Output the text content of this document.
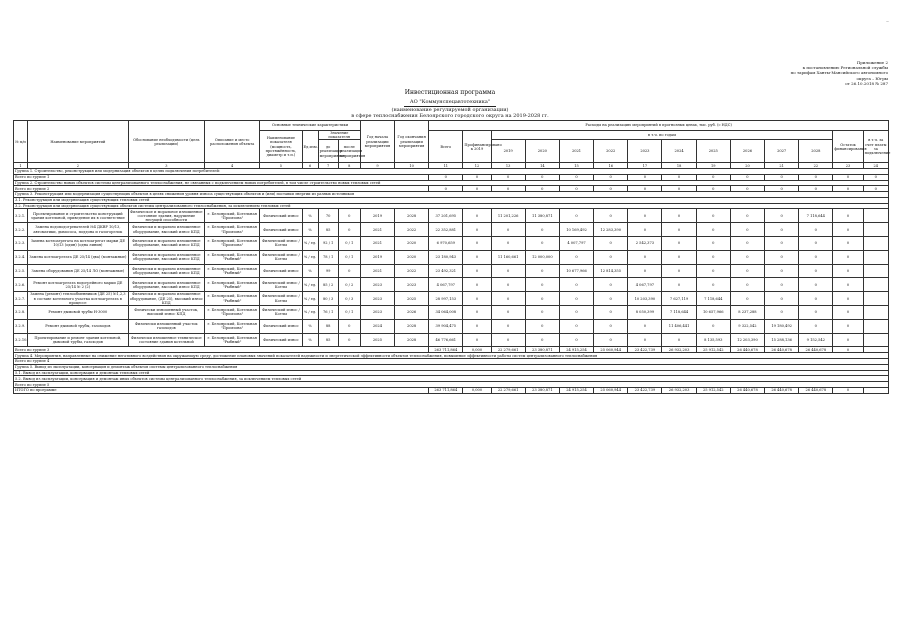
Приложение 2
к постановлению Региональной службы
по тарифам Ханты-Мансийского автономного
округа – Югры
от 26.10.2018 № 287
Инвестиционная программа
АО "Коммунспецавтотехника"
(наименование регулируемой организации)
в сфере теплоснабжения Белоярского городского округа на 2019-2028 гг.
№ п/п	Наименование мероприятий	Обоснование необходимости (цель реализации)	Описание и место расположения объекта	Основные технические характеристики				Год начала реализации мероприятия	Год окончания реализации мероприятия	Расходы на реализацию мероприятий в прогнозных ценах, тыс. руб. (с НДС)													
				Наименование показателя (мощность, протяжённость, диаметр и т.п.)	Ед.изм.	Значение показателя				Всего	Профинансировано к 2019	в т.ч. по годам										Остаток финансирования	в т.ч. за счет платы за подключение
						до реализации мероприятия	после реализации мероприятия					2019	2020	2021	2022	2023	2024	2025	2026	2027	2028		

1	2	3	4	5	6	7	8	9	10	11	12	13	14	15	16	17	18	19	20	21	22	23	24
Группа 1. Строительство, реконструкция или модернизация объектов в целях подключения потребителей:																							
Всего по группе 1										0	0	0	0	0	0	0	0	0	0	0	0	0	0
Группа 2. Строительство новых объектов системы централизованного теплоснабжения, не связанных с подключением новых потребителей, в том числе строительство новых тепловых сетей																							
Всего по группе 2										0	0	0	0	0	0	0	0	0	0	0	0	0	0
Группа 3. Реконструкция или модернизация существующих объектов в целях снижения уровня износа существующих объектов и (или) поставки энергии из разных источников																							
3.1. Реконструкция или модернизация существующих тепловых сетей																							
3.2. Реконструкция или модернизация существующих объектов системы централизованного теплоснабжения, за исключением тепловых сетей																							
3.2.1.	Проектирование и строительство конструкций здания котельной, приведение их в соответствие	Физическое и моральное изношенное состояние здания, нарушение несущей способности	г. Белоярский, Котельная "Промзона"	Физический износ	%	70	0	2019	2028	37 201,695	0	11 201,226	11 380,871	0	0	0	0	0	0	0	7 118,644	0	
3.2.2.	Замена водоподогревателей №4 ДКВР 10/13, автоматики, дымососа, поддона и газогорелок	Физически и морально изношенное оборудование, высокий износ КПД	г. Белоярский, Котельная "Промзона"	Физический износ	%	85	0	2021	2022	22 352,881	0	0	0	10 169,492	12 283,390	0	0	0	0	0	0	0	
3.2.3.	Замена котлоагрегата на котлоагрегат марки ДЕ 10/13 (один) (одна линия)	Физически и морально изношенное оборудование, высокий износ КПД	г. Белоярский, Котельная "Промзона"	Физический износ / Котлы	% / ед.	92 / 1	0 / 1	2021	2020	6 970,659	0	0	0	4 007,797	0	2 542,373	0	0	0	0	0	0	
3.2.4.	Замена котлоагрегата ДЕ 25/14 (два) (монтажные)	Физически и морально изношенное оборудование, высокий износ КПД	г. Белоярский, Котельная "Рыбный"	Физический износ / Котлы	% / ед.	78 / 1	0 / 1	2019	2020	23 180,943	0	11 160,661	12 000,000	0	0	0	0	0	0	0	0	0	
3.2.5.	Замена оборудования ДЕ 25/14 ЛО (монтажные)	Физически и морально изношенное оборудование, высокий износ КПД	г. Белоярский, Котельная "Рыбный"	Физический износ	%	99	0	2021	2022	23 492,321	0	0	0	10 677,966	12 814,355	0	0	0	0	0	0	0	
3.2.6.	Ремонт котлоагрегата водогрейного марки ДЕ 25/14 № 2 (2)	Физически и морально изношенное оборудование, высокий износ КПД	г. Белоярский, Котельная "Рыбный"	Физический износ / Котлы	% / ед.	85 / 2	0 / 2	2023	2023	4 067,797	0	0	0	0	0	4 067,797	0	0	0	0	0	0	
3.2.7.	Замена (ремонт) теплообменников (ДЕ 25) №1,2,3 в составе котельного участка котлоагрегата в процессе	Физически и морально изношенное оборудование, (ДЕ 25), высокий износ КПД	г. Белоярский, Котельная "Рыбный"	Физический износ / Котлы	% / ед.	80 / 3	0 / 3	2023	2025	28 997,153	0	0	0	0	0	10 203,390	7 627,119	7 118,644	0	0	0	0	
3.2.8.	Ремонт дымовой трубы Н-3000	Физически изношенный участок, высокий износ КПД	г. Белоярский, Котельная "Промзона"	Физический износ / Котлы	% / ед.	76 / 1	0 / 1	2023	2026	34 064,008	0	0	0	0	0	8 050,399	7 118,644	10 657,966	8 237,288	0	0	0	
3.2.9.	Ремонт дымовой трубы, газоходов	Физически изношенный участок газоходов	г. Белоярский, Котельная "Промзона"	Физический износ	%	88	0	2024	2028	39 904,475	0	0	0	0	0	0	11 406,441	0	9 322,542	19 180,492	0	0	
3.2.10.	Проектирование и ремонт здания котельной, дымовой трубы, газоходов	Физически изношенное техническое состояние здания котельной	г. Белоярский, Котельная "Рыбный"	Физический износ	%	85	0	2025	2028	46 776,661	0	0	0	0	0	0	0	8 135,593	12 203,390	15 288,136	9 152,542	0	
Всего по группе 3										263 711,864	0,000	22 279,661	23 380,871	24 915,254	25 060,944	23 422,739	26 932,203	25 912,542	26 440,678	26 440,678	26 440,678	0	
Группа 4. Мероприятия, направленные на снижение негативного воздействия на окружающую среду, достижение плановых значений показателей надежности и энергетической эффективности объектов теплоснабжения, повышение эффективности работы систем централизованного теплоснабжения																							
Всего по группе 4																							
Группа 5. Вывод из эксплуатации, консервация и демонтаж объектов системы централизованного теплоснабжения																							
5.1. Вывод из эксплуатации, консервация и демонтаж тепловых сетей																							
5.2. Вывод из эксплуатации, консервация и демонтаж иных объектов системы централизованного теплоснабжения, за исключением тепловых сетей																							
Всего по группе 5																							
ИТОГО по программе										263 711,864	0,000	22 279,661	23 380,871	24 915,254	25 060,944	23 422,739	26 932,203	25 912,542	26 440,678	26 440,678	26 440,678	0	
–
